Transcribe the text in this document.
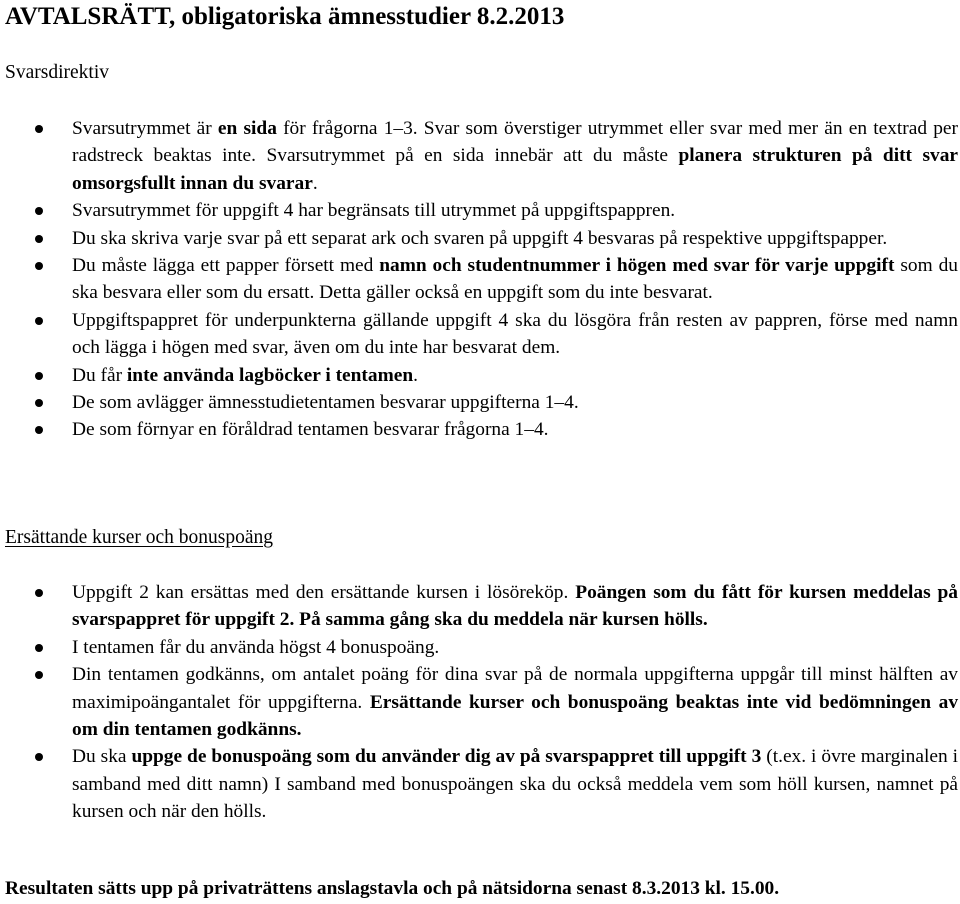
AVTALSRÄTT, obligatoriska ämnesstudier 8.2.2013
Svarsdirektiv
Svarsutrymmet är en sida för frågorna 1–3. Svar som överstiger utrymmet eller svar med mer än en textrad per radstreck beaktas inte. Svarsutrymmet på en sida innebär att du måste planera strukturen på ditt svar omsorgsfullt innan du svarar.
Svarsutrymmet för uppgift 4 har begränsats till utrymmet på uppgiftspappren.
Du ska skriva varje svar på ett separat ark och svaren på uppgift 4 besvaras på respektive uppgiftspapper.
Du måste lägga ett papper försett med namn och studentnummer i högen med svar för varje uppgift som du ska besvara eller som du ersatt. Detta gäller också en uppgift som du inte besvarat.
Uppgiftspappret för underpunkterna gällande uppgift 4 ska du lösgöra från resten av pappren, förse med namn och lägga i högen med svar, även om du inte har besvarat dem.
Du får inte använda lagböcker i tentamen.
De som avlägger ämnesstudietentamen besvarar uppgifterna 1–4.
De som förnyar en föråldrad tentamen besvarar frågorna 1–4.
Ersättande kurser och bonuspoäng
Uppgift 2 kan ersättas med den ersättande kursen i lösöreköp. Poängen som du fått för kursen meddelas på svarspappret för uppgift 2. På samma gång ska du meddela när kursen hölls.
I tentamen får du använda högst 4 bonuspoäng.
Din tentamen godkänns, om antalet poäng för dina svar på de normala uppgifterna uppgår till minst hälften av maximipoängantalet för uppgifterna. Ersättande kurser och bonuspoäng beaktas inte vid bedömningen av om din tentamen godkänns.
Du ska uppge de bonuspoäng som du använder dig av på svarspappret till uppgift 3 (t.ex. i övre marginalen i samband med ditt namn) I samband med bonuspoängen ska du också meddela vem som höll kursen, namnet på kursen och när den hölls.
Resultaten sätts upp på privaträttens anslagstavla och på nätsidorna senast 8.3.2013 kl. 15.00.
